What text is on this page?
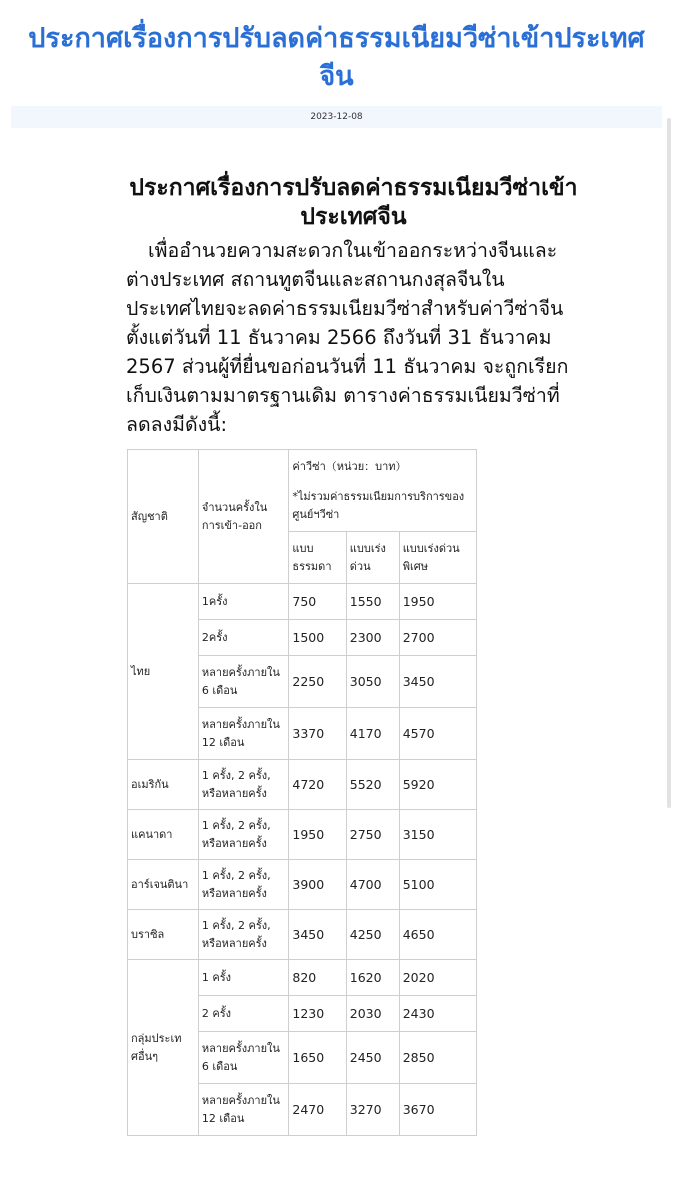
ประกาศเรื่องการปรับลดค่าธรรมเนียมวีซ่าเข้าประเทศจีน
2023-12-08
ประกาศเรื่องการปรับลดค่าธรรมเนียมวีซ่าเข้าประเทศจีน

เพื่ออำนวยความสะดวกในเข้าออกระหว่างจีนและต่างประเทศ สถานทูตจีนและสถานกงสุลจีนในประเทศไทยจะลดค่าธรรมเนียมวีซ่าสำหรับค่าวีซ่าจีนตั้งแต่วันที่ 11 ธันวาคม 2566 ถึงวันที่ 31 ธันวาคม 2567 ส่วนผู้ที่ยื่นขอก่อนวันที่ 11 ธันวาคม จะถูกเรียกเก็บเงินตามมาตรฐานเดิม ตารางค่าธรรมเนียมวีซ่าที่ลดลงมีดังนี้:

สัญชาติ	จำนวนครั้งในการเข้า-ออก	ค่าวีซ่า（หน่วย：บาท）
*ไม่รวมค่าธรรมเนียมการบริการของศูนย์ฯวีซ่า		

		แบบธรรมดา	แบบเร่งด่วน	แบบเร่งด่วนพิเศษ
ไทย	1ครั้ง	750	1550	1950
	2ครั้ง	1500	2300	2700
	หลายครั้งภายใน 6 เดือน	2250	3050	3450
	หลายครั้งภายใน 12 เดือน	3370	4170	4570
อเมริกัน	1 ครั้ง, 2 ครั้ง, หรือหลายครั้ง	4720	5520	5920
แคนาดา	1 ครั้ง, 2 ครั้ง, หรือหลายครั้ง	1950	2750	3150
อาร์เจนตินา	1 ครั้ง, 2 ครั้ง, หรือหลายครั้ง	3900	4700	5100
บราซิล	1 ครั้ง, 2 ครั้ง, หรือหลายครั้ง	3450	4250	4650
กลุ่มประเทศอื่นๆ	1 ครั้ง	820	1620	2020
	2 ครั้ง	1230	2030	2430
	หลายครั้งภายใน 6 เดือน	1650	2450	2850
	หลายครั้งภายใน 12 เดือน	2470	3270	3670
